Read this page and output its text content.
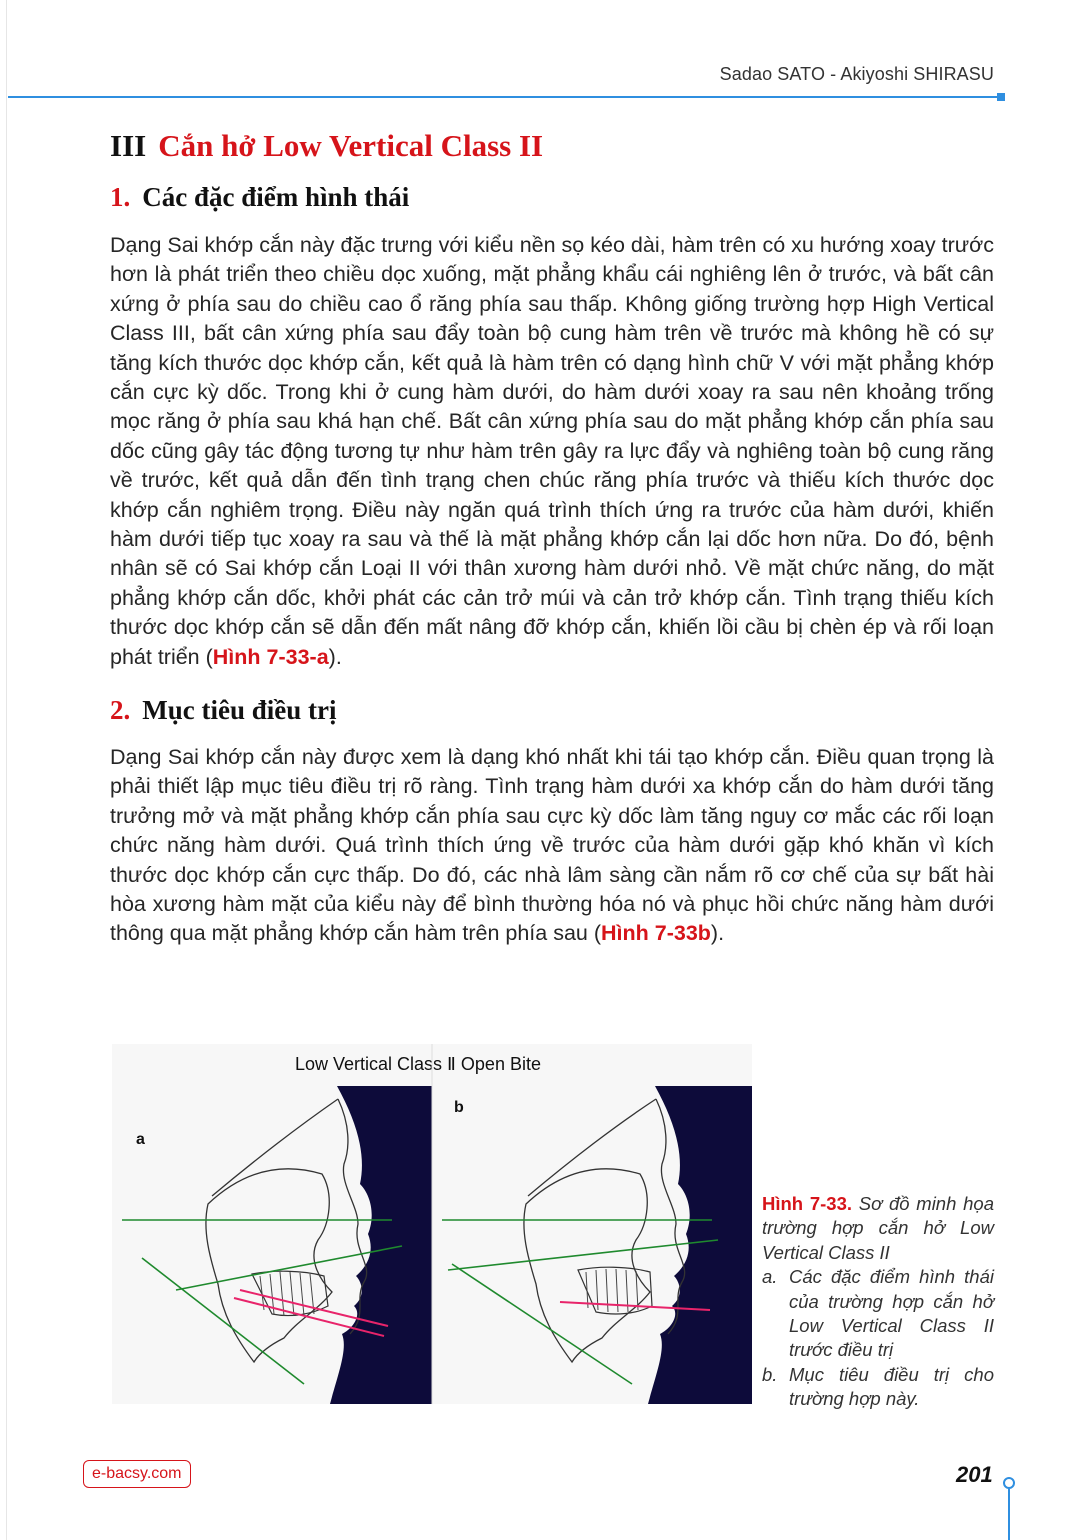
Sadao SATO - Akiyoshi SHIRASU
III Cắn hở Low Vertical Class II
1. Các đặc điểm hình thái

Dạng Sai khớp cắn này đặc trưng với kiểu nền sọ kéo dài, hàm trên có xu hướng xoay trước hơn là phát triển theo chiều dọc xuống, mặt phẳng khẩu cái nghiêng lên ở trước, và bất cân xứng ở phía sau do chiều cao ổ răng phía sau thấp. Không giống trường hợp High Vertical Class III, bất cân xứng phía sau đẩy toàn bộ cung hàm trên về trước mà không hề có sự tăng kích thước dọc khớp cắn, kết quả là hàm trên có dạng hình chữ V với mặt phẳng khớp cắn cực kỳ dốc. Trong khi ở cung hàm dưới, do hàm dưới xoay ra sau nên khoảng trống mọc răng ở phía sau khá hạn chế. Bất cân xứng phía sau do mặt phẳng khớp cắn phía sau dốc cũng gây tác động tương tự như hàm trên gây ra lực đẩy và nghiêng toàn bộ cung răng về trước, kết quả dẫn đến tình trạng chen chúc răng phía trước và thiếu kích thước dọc khớp cắn nghiêm trọng. Điều này ngăn quá trình thích ứng ra trước của hàm dưới, khiến hàm dưới tiếp tục xoay ra sau và thế là mặt phẳng khớp cắn lại dốc hơn nữa. Do đó, bệnh nhân sẽ có Sai khớp cắn Loại II với thân xương hàm dưới nhỏ. Về mặt chức năng, do mặt phẳng khớp cắn dốc, khởi phát các cản trở múi và cản trở khớp cắn. Tình trạng thiếu kích thước dọc khớp cắn sẽ dẫn đến mất nâng đỡ khớp cắn, khiến lồi cầu bị chèn ép và rối loạn phát triển (Hình 7-33-a).

2. Mục tiêu điều trị

Dạng Sai khớp cắn này được xem là dạng khó nhất khi tái tạo khớp cắn. Điều quan trọng là phải thiết lập mục tiêu điều trị rõ ràng. Tình trạng hàm dưới xa khớp cắn do hàm dưới tăng trưởng mở và mặt phẳng khớp cắn phía sau cực kỳ dốc làm tăng nguy cơ mắc các rối loạn chức năng hàm dưới. Quá trình thích ứng về trước của hàm dưới gặp khó khăn vì kích thước dọc khớp cắn cực thấp. Do đó, các nhà lâm sàng cần nắm rõ cơ chế của sự bất hài hòa xương hàm mặt của kiểu này để bình thường hóa nó và phục hồi chức năng hàm dưới thông qua mặt phẳng khớp cắn hàm trên phía sau (Hình 7-33b).

Low Vertical Class Ⅱ Open Bite
a
b
Hình 7-33. Sơ đồ minh họa trường hợp cắn hở Low Vertical Class II
a. Các đặc điểm hình thái của trường hợp cắn hở Low Vertical Class II trước điều trị
b. Mục tiêu điều trị cho trường hợp này.
e-bacsy.com	201
